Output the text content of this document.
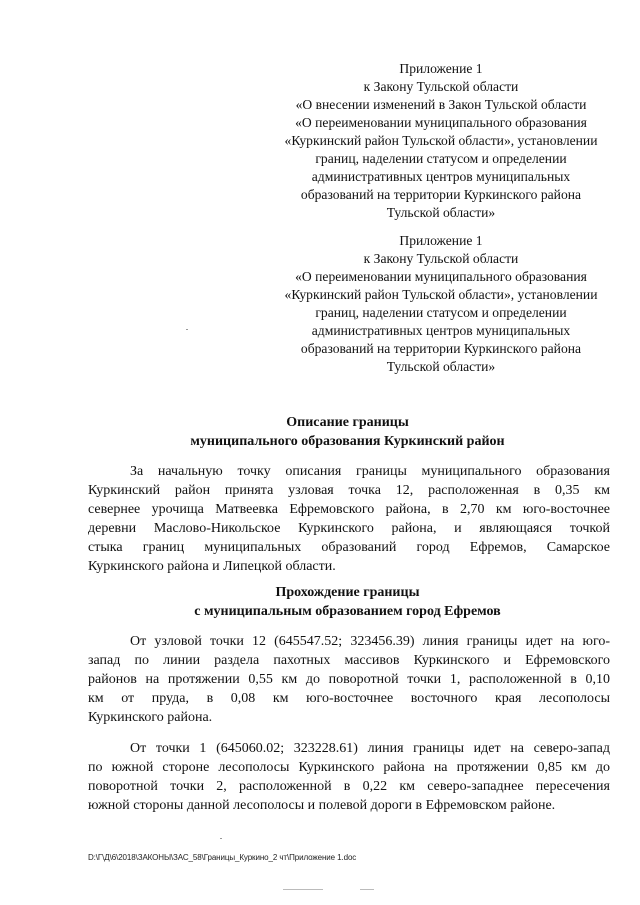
Приложение 1
к Закону Тульской области
«О внесении изменений в Закон Тульской области
«О переименовании муниципального образования
«Куркинский район Тульской области», установлении
границ, наделении статусом и определении
административных центров муниципальных
образований на территории Куркинского района
Тульской области»
Приложение 1
к Закону Тульской области
«О переименовании муниципального образования
«Куркинский район Тульской области», установлении
границ, наделении статусом и определении
административных центров муниципальных
образований на территории Куркинского района
Тульской области»
Описание границы
муниципального образования Куркинский район
За начальную точку описания границы муниципального образования
Куркинский район принята узловая точка 12, расположенная в 0,35 км
севернее урочища Матвеевка Ефремовского района, в 2,70 км юго-восточнее
деревни Маслово-Никольское Куркинского района, и являющаяся точкой
стыка границ муниципальных образований город Ефремов, Самарское
Куркинского района и Липецкой области.
Прохождение границы
с муниципальным образованием город Ефремов
От узловой точки 12 (645547.52; 323456.39) линия границы идет на юго-
запад по линии раздела пахотных массивов Куркинского и Ефремовского
районов на протяжении 0,55 км до поворотной точки 1, расположенной в 0,10
км от пруда, в 0,08 км юго-восточнее восточного края лесополосы
Куркинского района.
От точки 1 (645060.02; 323228.61) линия границы идет на северо-запад
по южной стороне лесополосы Куркинского района на протяжении 0,85 км до
поворотной точки 2, расположенной в 0,22 км северо-западнее пересечения
южной стороны данной лесополосы и полевой дороги в Ефремовском районе.
D:\Г\Д\6\2018\ЗАКОНЫ\ЗАС_58\Границы_Куркино_2 чт\Приложение 1.doc
